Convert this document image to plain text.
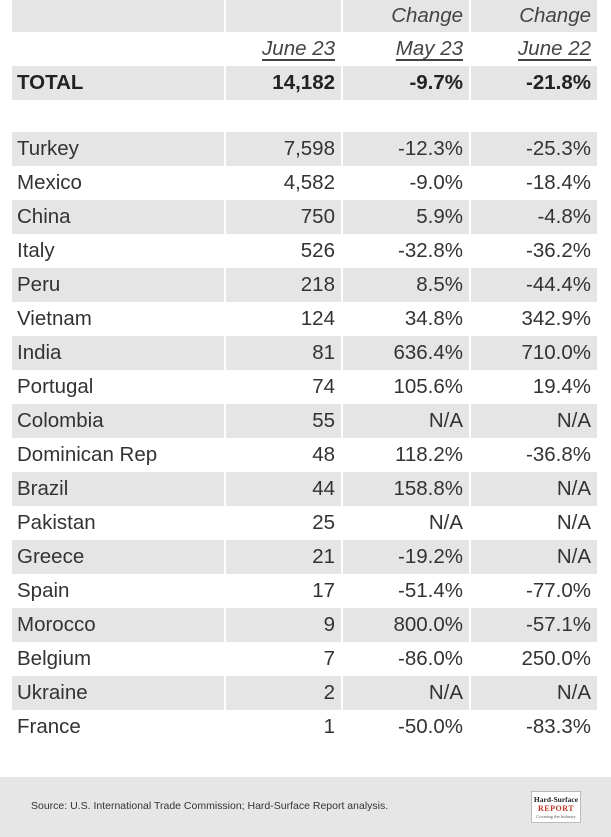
		Change	Change
	June 23	May 23	June 22
TOTAL	14,182	-9.7%	-21.8%

Turkey	7,598	-12.3%	-25.3%
Mexico	4,582	-9.0%	-18.4%
China	750	5.9%	-4.8%
Italy	526	-32.8%	-36.2%
Peru	218	8.5%	-44.4%
Vietnam	124	34.8%	342.9%
India	81	636.4%	710.0%
Portugal	74	105.6%	19.4%
Colombia	55	N/A	N/A
Dominican Rep	48	118.2%	-36.8%
Brazil	44	158.8%	N/A
Pakistan	25	N/A	N/A
Greece	21	-19.2%	N/A
Spain	17	-51.4%	-77.0%
Morocco	9	800.0%	-57.1%
Belgium	7	-86.0%	250.0%
Ukraine	2	N/A	N/A
France	1	-50.0%	-83.3%
Source: U.S. International Trade Commission; Hard-Surface Report analysis.
Hard-Surface
REPORT
Covering the Industry
